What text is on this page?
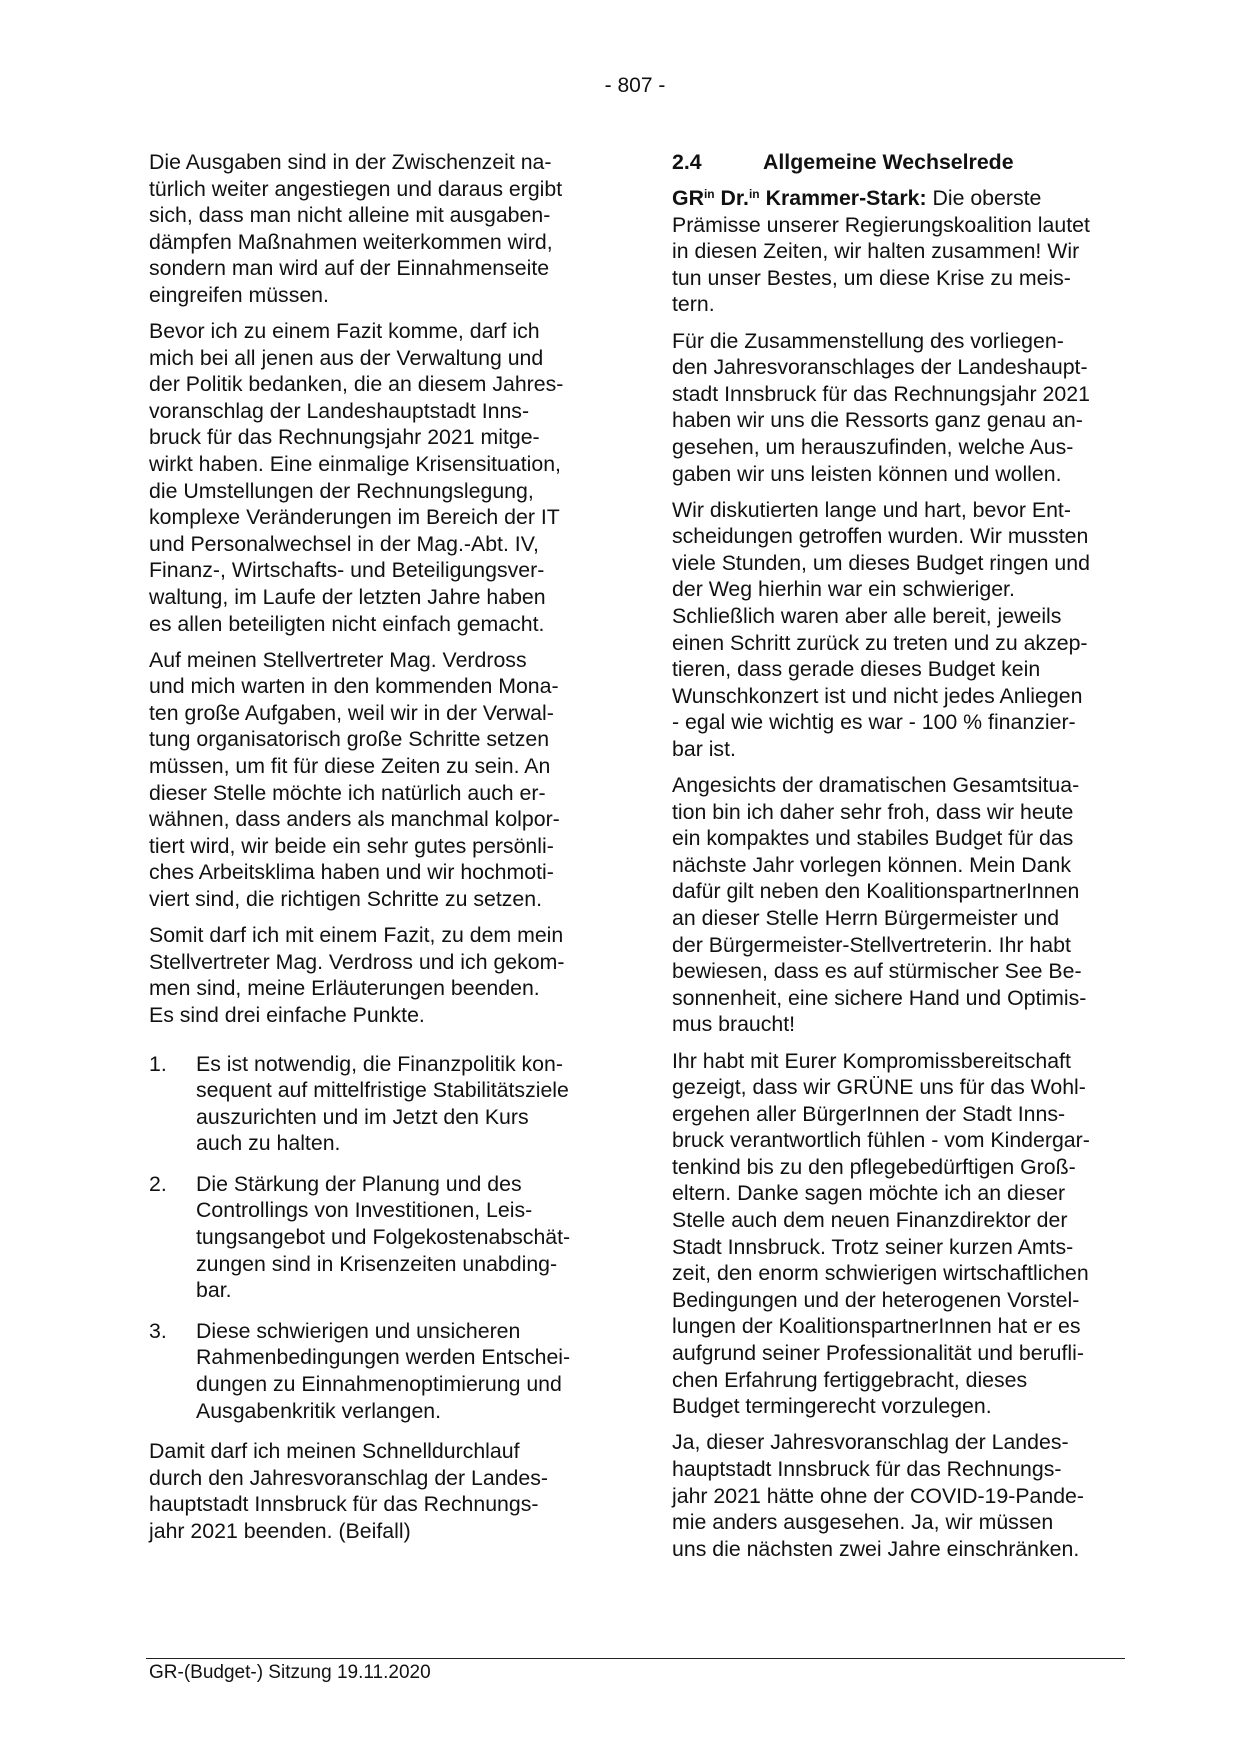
- 807 -

Die Ausgaben sind in der Zwischenzeit na-
türlich weiter angestiegen und daraus ergibt
sich, dass man nicht alleine mit ausgaben-
dämpfen Maßnahmen weiterkommen wird,
sondern man wird auf der Einnahmenseite
eingreifen müssen.

Bevor ich zu einem Fazit komme, darf ich
mich bei all jenen aus der Verwaltung und
der Politik bedanken, die an diesem Jahres-
voranschlag der Landeshauptstadt Inns-
bruck für das Rechnungsjahr 2021 mitge-
wirkt haben. Eine einmalige Krisensituation,
die Umstellungen der Rechnungslegung,
komplexe Veränderungen im Bereich der IT
und Personalwechsel in der Mag.-Abt. IV,
Finanz-, Wirtschafts- und Beteiligungsver-
waltung, im Laufe der letzten Jahre haben
es allen beteiligten nicht einfach gemacht.

Auf meinen Stellvertreter Mag. Verdross
und mich warten in den kommenden Mona-
ten große Aufgaben, weil wir in der Verwal-
tung organisatorisch große Schritte setzen
müssen, um fit für diese Zeiten zu sein. An
dieser Stelle möchte ich natürlich auch er-
wähnen, dass anders als manchmal kolpor-
tiert wird, wir beide ein sehr gutes persönli-
ches Arbeitsklima haben und wir hochmoti-
viert sind, die richtigen Schritte zu setzen.

Somit darf ich mit einem Fazit, zu dem mein
Stellvertreter Mag. Verdross und ich gekom-
men sind, meine Erläuterungen beenden.
Es sind drei einfache Punkte.

1.	Es ist notwendig, die Finanzpolitik kon-
sequent auf mittelfristige Stabilitätsziele
auszurichten und im Jetzt den Kurs
auch zu halten.
2.	Die Stärkung der Planung und des
Controllings von Investitionen, Leis-
tungsangebot und Folgekostenabschät-
zungen sind in Krisenzeiten unabding-
bar.
3.	Diese schwierigen und unsicheren
Rahmenbedingungen werden Entschei-
dungen zu Einnahmenoptimierung und
Ausgabenkritik verlangen.

Damit darf ich meinen Schnelldurchlauf
durch den Jahresvoranschlag der Landes-
hauptstadt Innsbruck für das Rechnungs-
jahr 2021 beenden. (Beifall)

2.4	Allgemeine Wechselrede

$GR^{in}$ Dr.$^{in}$ Krammer-Stark: Die oberste
Prämisse unserer Regierungskoalition lautet
in diesen Zeiten, wir halten zusammen! Wir
tun unser Bestes, um diese Krise zu meis-
tern.

Für die Zusammenstellung des vorliegen-
den Jahresvoranschlages der Landeshaupt-
stadt Innsbruck für das Rechnungsjahr 2021
haben wir uns die Ressorts ganz genau an-
gesehen, um herauszufinden, welche Aus-
gaben wir uns leisten können und wollen.

Wir diskutierten lange und hart, bevor Ent-
scheidungen getroffen wurden. Wir mussten
viele Stunden, um dieses Budget ringen und
der Weg hierhin war ein schwieriger.
Schließlich waren aber alle bereit, jeweils
einen Schritt zurück zu treten und zu akzep-
tieren, dass gerade dieses Budget kein
Wunschkonzert ist und nicht jedes Anliegen
- egal wie wichtig es war - 100 % finanzier-
bar ist.

Angesichts der dramatischen Gesamtsitua-
tion bin ich daher sehr froh, dass wir heute
ein kompaktes und stabiles Budget für das
nächste Jahr vorlegen können. Mein Dank
dafür gilt neben den KoalitionspartnerInnen
an dieser Stelle Herrn Bürgermeister und
der Bürgermeister-Stellvertreterin. Ihr habt
bewiesen, dass es auf stürmischer See Be-
sonnenheit, eine sichere Hand und Optimis-
mus braucht!

Ihr habt mit Eurer Kompromissbereitschaft
gezeigt, dass wir GRÜNE uns für das Wohl-
ergehen aller BürgerInnen der Stadt Inns-
bruck verantwortlich fühlen - vom Kindergar-
tenkind bis zu den pflegebedürftigen Groß-
eltern. Danke sagen möchte ich an dieser
Stelle auch dem neuen Finanzdirektor der
Stadt Innsbruck. Trotz seiner kurzen Amts-
zeit, den enorm schwierigen wirtschaftlichen
Bedingungen und der heterogenen Vorstel-
lungen der KoalitionspartnerInnen hat er es
aufgrund seiner Professionalität und berufli-
chen Erfahrung fertiggebracht, dieses
Budget termingerecht vorzulegen.

Ja, dieser Jahresvoranschlag der Landes-
hauptstadt Innsbruck für das Rechnungs-
jahr 2021 hätte ohne der COVID-19-Pande-
mie anders ausgesehen. Ja, wir müssen
uns die nächsten zwei Jahre einschränken.

GR-(Budget-) Sitzung 19.11.2020
